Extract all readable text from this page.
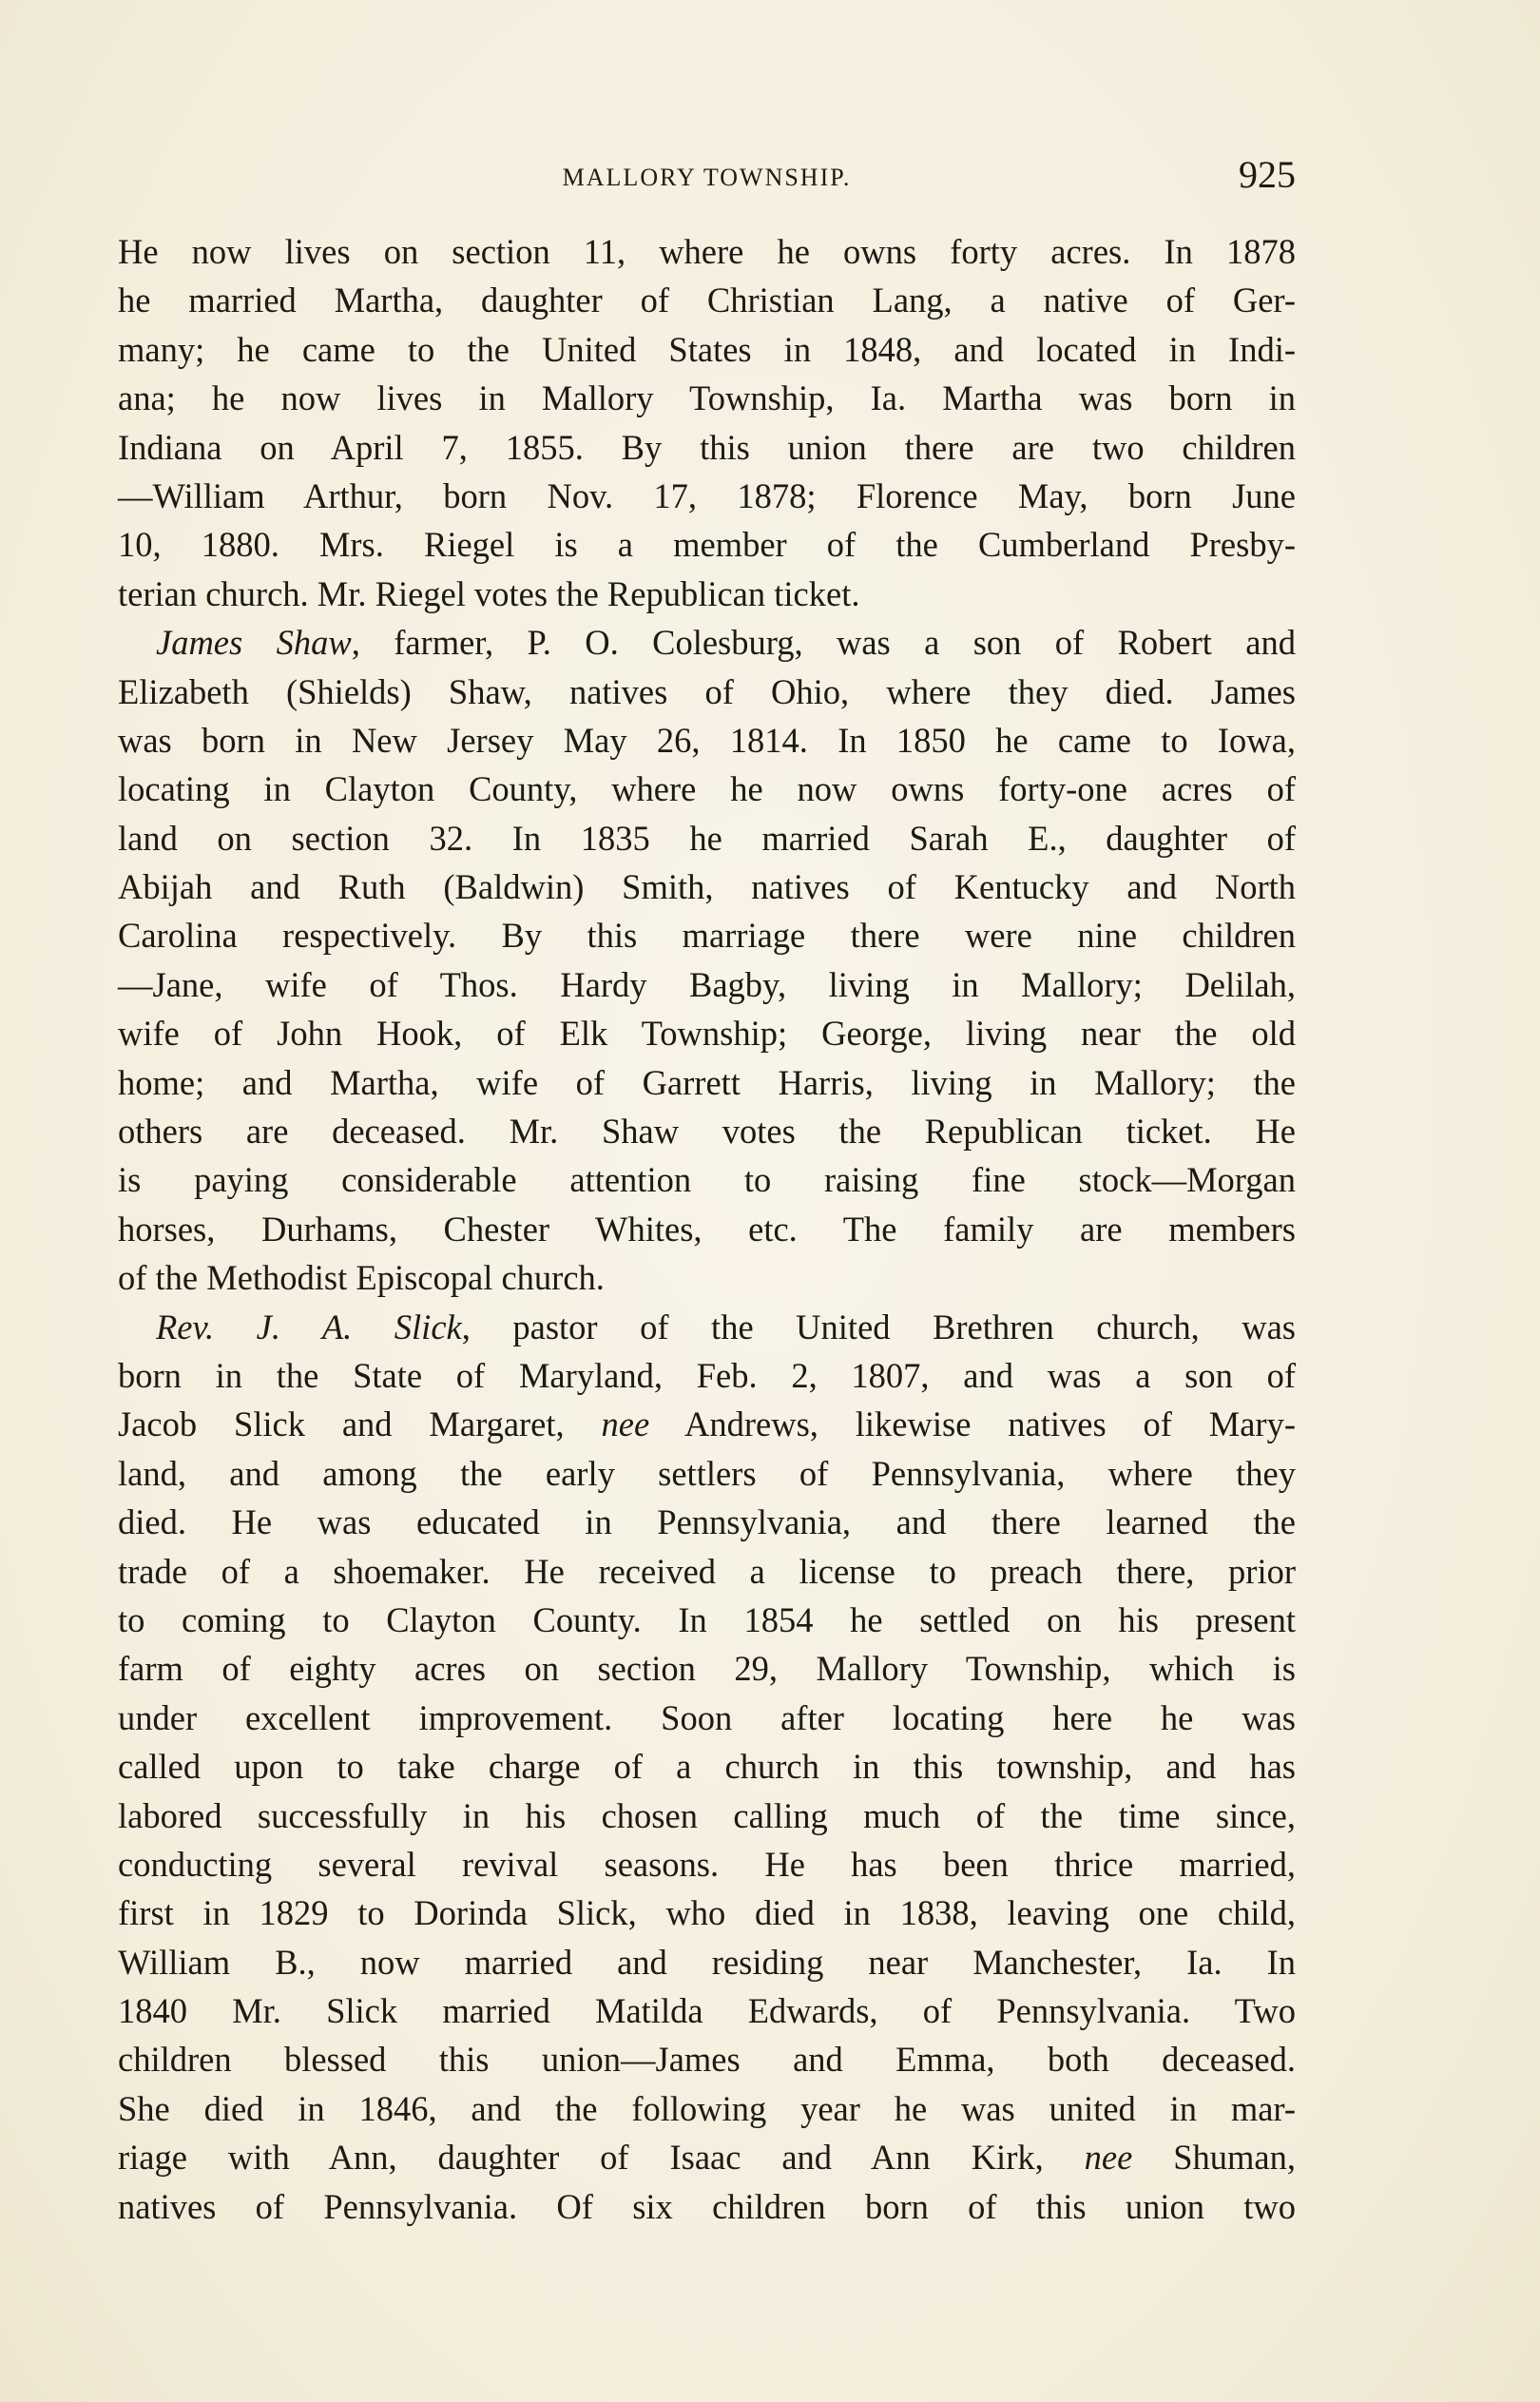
MALLORY TOWNSHIP.	925
He now lives on section 11, where he owns forty acres. In 1878
he married Martha, daughter of Christian Lang, a native of Ger-
many; he came to the United States in 1848, and located in Indi-
ana; he now lives in Mallory Township, Ia. Martha was born in
Indiana on April 7, 1855. By this union there are two children
—William Arthur, born Nov. 17, 1878; Florence May, born June
10, 1880. Mrs. Riegel is a member of the Cumberland Presby-
terian church. Mr. Riegel votes the Republican ticket.
James Shaw, farmer, P. O. Colesburg, was a son of Robert and
Elizabeth (Shields) Shaw, natives of Ohio, where they died. James
was born in New Jersey May 26, 1814. In 1850 he came to Iowa,
locating in Clayton County, where he now owns forty-one acres of
land on section 32. In 1835 he married Sarah E., daughter of
Abijah and Ruth (Baldwin) Smith, natives of Kentucky and North
Carolina respectively. By this marriage there were nine children
—Jane, wife of Thos. Hardy Bagby, living in Mallory; Delilah,
wife of John Hook, of Elk Township; George, living near the old
home; and Martha, wife of Garrett Harris, living in Mallory; the
others are deceased. Mr. Shaw votes the Republican ticket. He
is paying considerable attention to raising fine stock—Morgan
horses, Durhams, Chester Whites, etc. The family are members
of the Methodist Episcopal church.
Rev. J. A. Slick, pastor of the United Brethren church, was
born in the State of Maryland, Feb. 2, 1807, and was a son of
Jacob Slick and Margaret, nee Andrews, likewise natives of Mary-
land, and among the early settlers of Pennsylvania, where they
died. He was educated in Pennsylvania, and there learned the
trade of a shoemaker. He received a license to preach there, prior
to coming to Clayton County. In 1854 he settled on his present
farm of eighty acres on section 29, Mallory Township, which is
under excellent improvement. Soon after locating here he was
called upon to take charge of a church in this township, and has
labored successfully in his chosen calling much of the time since,
conducting several revival seasons. He has been thrice married,
first in 1829 to Dorinda Slick, who died in 1838, leaving one child,
William B., now married and residing near Manchester, Ia. In
1840 Mr. Slick married Matilda Edwards, of Pennsylvania. Two
children blessed this union—James and Emma, both deceased.
She died in 1846, and the following year he was united in mar-
riage with Ann, daughter of Isaac and Ann Kirk, nee Shuman,
natives of Pennsylvania. Of six children born of this union two
